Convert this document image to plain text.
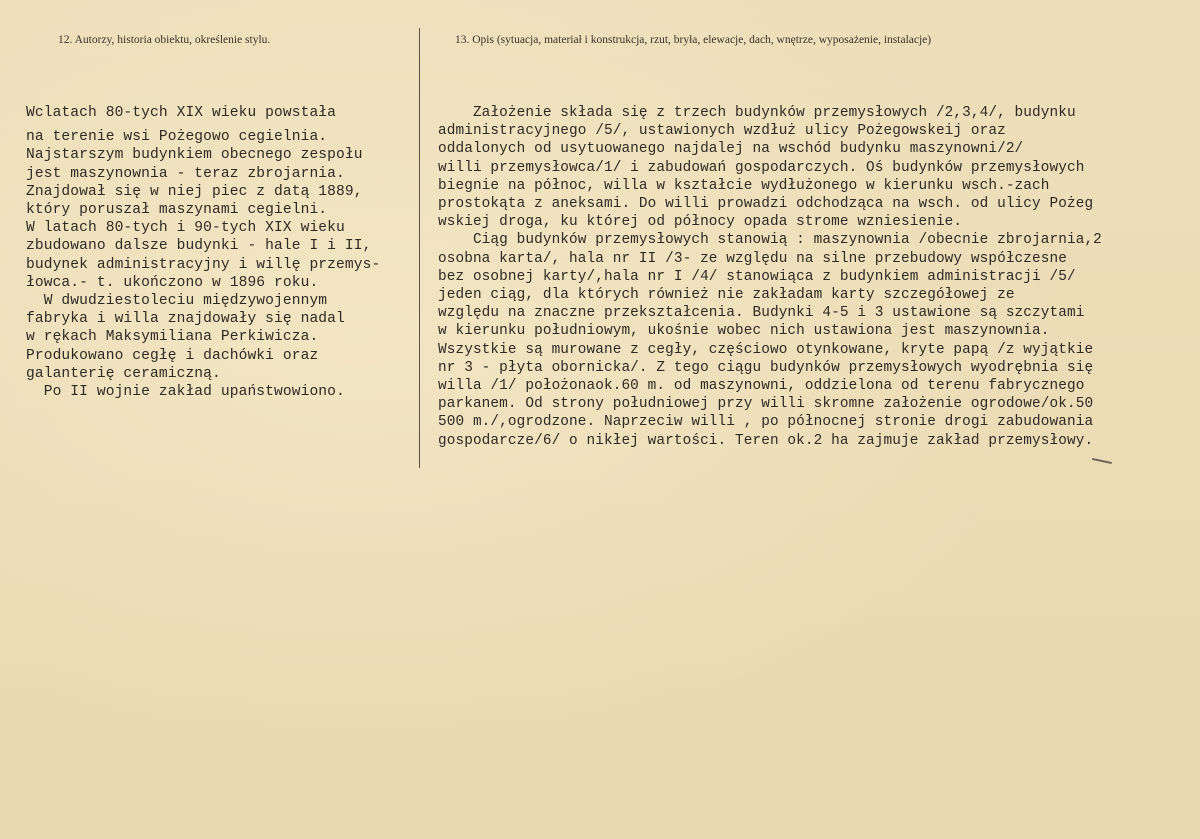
12. Autorzy, historia obiektu, określenie stylu.	13. Opis (sytuacja, materiał i konstrukcja, rzut, bryła, elewacje, dach, wnętrze, wyposażenie, instalacje)
Wclatach 80-tych XIX wieku powstała
na terenie wsi Pożegowo cegielnia.
Najstarszym budynkiem obecnego zespołu
jest maszynownia - teraz zbrojarnia.
Znajdował się w niej piec z datą 1889,
który poruszał maszynami cegielni.
W latach 80-tych i 90-tych XIX wieku
zbudowano dalsze budynki - hale I i II,
budynek administracyjny i willę przemys-
łowca.- t. ukończono w 1896 roku.
W dwudziestoleciu międzywojennym
fabryka i willa znajdowały się nadal
w rękach Maksymiliana Perkiwicza.
Produkowano cegłę i dachówki oraz
galanterię ceramiczną.
Po II wojnie zakład upaństwowiono.
Założenie składa się z trzech budynków przemysłowych /2,3,4/, budynku
administracyjnego /5/, ustawionych wzdłuż ulicy Pożegowskeij oraz
oddalonych od usytuowanego najdalej na wschód budynku maszynowni/2/
willi przemysłowca/1/ i zabudowań gospodarczych. Oś budynków przemysłowych
biegnie na północ, willa w kształcie wydłużonego w kierunku wsch.-zach
prostokąta z aneksami. Do willi prowadzi odchodząca na wsch. od ulicy Pożeg
wskiej droga, ku której od północy opada strome wzniesienie.
Ciąg budynków przemysłowych stanowią : maszynownia /obecnie zbrojarnia,2
osobna karta/, hala nr II /3- ze względu na silne przebudowy współczesne
bez osobnej karty/,hala nr I /4/ stanowiąca z budynkiem administracji /5/
jeden ciąg, dla których również nie zakładam karty szczegółowej ze
względu na znaczne przekształcenia. Budynki 4-5 i 3 ustawione są szczytami
w kierunku południowym, ukośnie wobec nich ustawiona jest maszynownia.
Wszystkie są murowane z cegły, częściowo otynkowane, kryte papą /z wyjątkie
nr 3 - płyta obornicka/. Z tego ciągu budynków przemysłowych wyodrębnia się
willa /1/ położonaok.60 m. od maszynowni, oddzielona od terenu fabrycznego
parkanem. Od strony południowej przy willi skromne założenie ogrodowe/ok.50
500 m./,ogrodzone. Naprzeciw willi , po północnej stronie drogi zabudowania
gospodarcze/6/ o nikłej wartości. Teren ok.2 ha zajmuje zakład przemysłowy.
